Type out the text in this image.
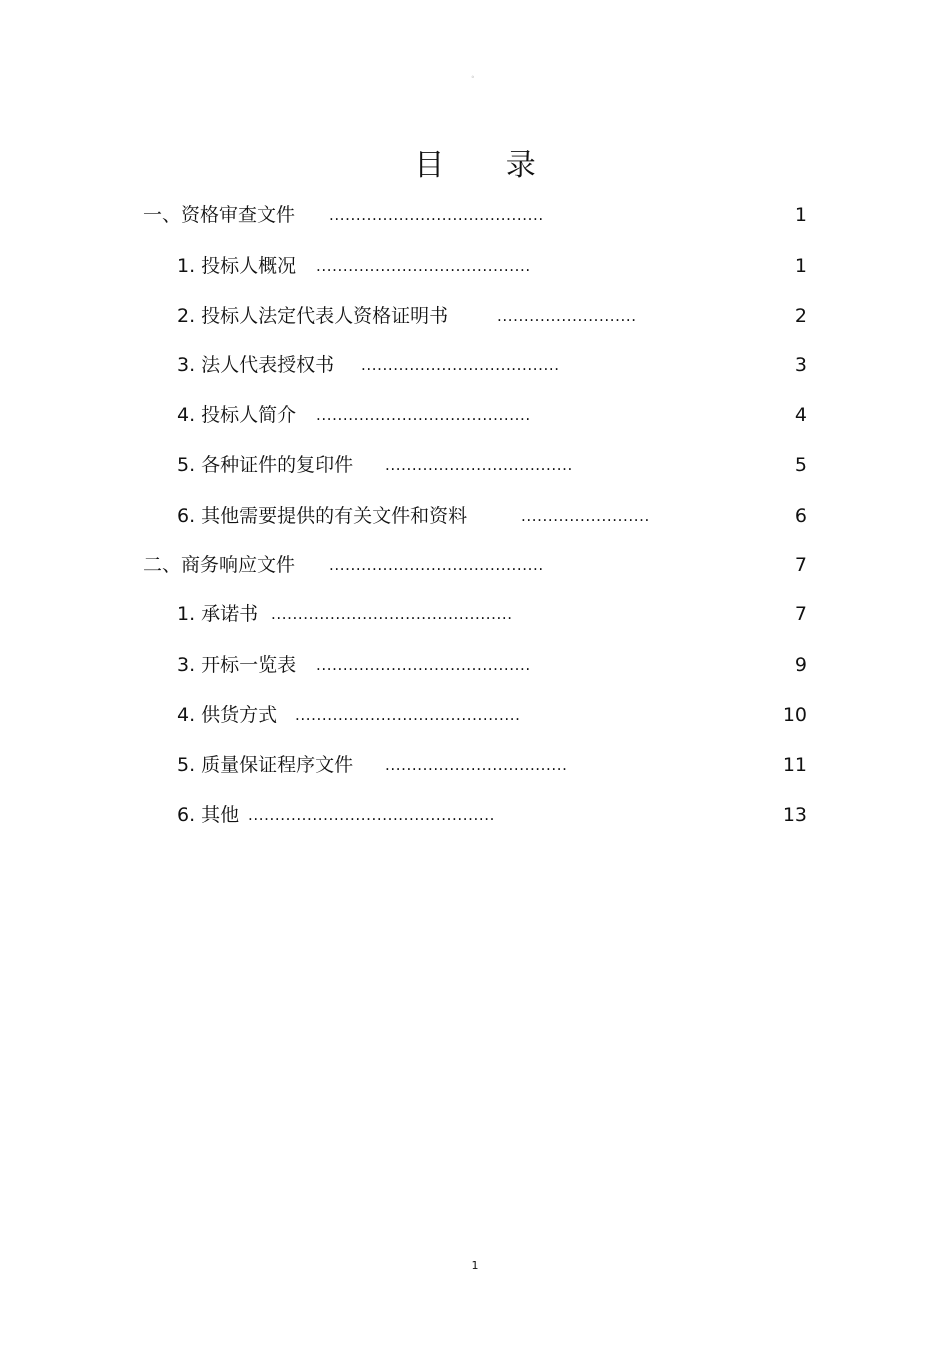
。
目 录
一、资格审查文件 ........................................	1
1. 投标人概况 ........................................	1
2. 投标人法定代表人资格证明书	..........................	2
3. 法人代表授权书 .....................................	3
4. 投标人简介 ........................................	4
5. 各种证件的复印件 ...................................	5
6. 其他需要提供的有关文件和资料	........................	6
二、商务响应文件 ........................................	7
1. 承诺书 .............................................	7
3. 开标一览表 ........................................	9
4. 供货方式 ..........................................	10
5. 质量保证程序文件 ..................................	11
6. 其他 ..............................................	13
1
